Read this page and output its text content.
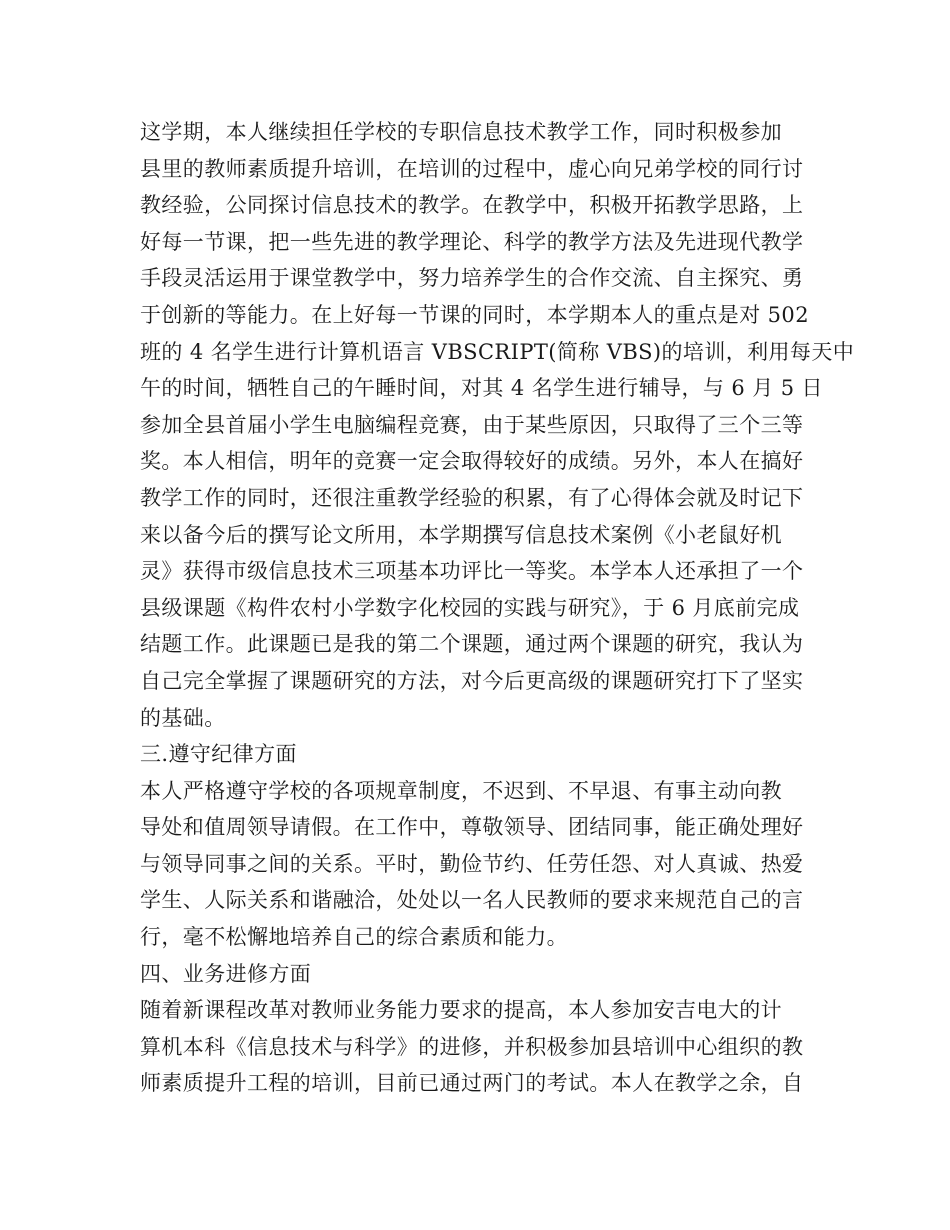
这学期，本人继续担任学校的专职信息技术教学工作，同时积极参加
县里的教师素质提升培训，在培训的过程中，虚心向兄弟学校的同行讨
教经验，公同探讨信息技术的教学。在教学中，积极开拓教学思路，上
好每一节课，把一些先进的教学理论、科学的教学方法及先进现代教学
手段灵活运用于课堂教学中，努力培养学生的合作交流、自主探究、勇
于创新的等能力。在上好每一节课的同时，本学期本人的重点是对 502
班的 4 名学生进行计算机语言 VBSCRIPT(简称 VBS)的培训，利用每天中
午的时间，牺牲自己的午睡时间，对其 4 名学生进行辅导，与 6 月 5 日
参加全县首届小学生电脑编程竞赛，由于某些原因，只取得了三个三等
奖。本人相信，明年的竞赛一定会取得较好的成绩。另外，本人在搞好
教学工作的同时，还很注重教学经验的积累，有了心得体会就及时记下
来以备今后的撰写论文所用，本学期撰写信息技术案例《小老鼠好机
灵》获得市级信息技术三项基本功评比一等奖。本学本人还承担了一个
县级课题《构件农村小学数字化校园的实践与研究》，于 6 月底前完成
结题工作。此课题已是我的第二个课题，通过两个课题的研究，我认为
自己完全掌握了课题研究的方法，对今后更高级的课题研究打下了坚实
的基础。
三.遵守纪律方面
本人严格遵守学校的各项规章制度，不迟到、不早退、有事主动向教
导处和值周领导请假。在工作中，尊敬领导、团结同事，能正确处理好
与领导同事之间的关系。平时，勤俭节约、任劳任怨、对人真诚、热爱
学生、人际关系和谐融洽，处处以一名人民教师的要求来规范自己的言
行，毫不松懈地培养自己的综合素质和能力。
四、业务进修方面
随着新课程改革对教师业务能力要求的提高，本人参加安吉电大的计
算机本科《信息技术与科学》的进修，并积极参加县培训中心组织的教
师素质提升工程的培训，目前已通过两门的考试。本人在教学之余，自
